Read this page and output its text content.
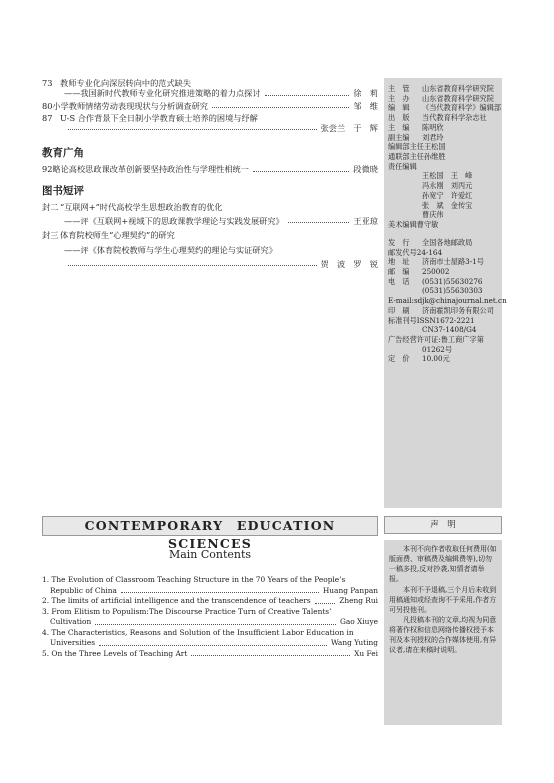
73 教师专业化向深层转向中的范式缺失
——我国新时代教师专业化研究推进策略的着力点探讨	徐　莉
80 小学教师情绪劳动表现现状与分析调查研究	邹　维
87 U-S 合作背景下全日制小学教育硕士培养的困境与纾解
张尝兰　于　辉
教育广角
92 略论高校思政课改革创新要坚持政治性与学理性相统一	段微晓
图书短评
封二 “互联网+”时代高校学生思想政治教育的优化
——评《互联网+视域下的思政课教学理论与实践发展研究》	王亚琼
封三 体育院校师生“心理契约”的研究
——评《体育院校教师与学生心理契约的理论与实证研究》
贺　波　罗　锐
主　管	山东省教育科学研究院
主　办	山东省教育科学研究院
编　辑	《当代教育科学》编辑部
出　版	当代教育科学杂志社
主　编	陈明欣
副主编	刘君玲
编辑部主任 王松国
通联部主任 孙维胜
责任编辑
王松国　王　峰
冯永刚　刘丙元
孙宽宁　许爱红
张　斌　金传宝
曹庆伟
美术编辑 曹守敏
发　行	全国各地邮政局
邮发代号 24-164
地　址	济南市士屋路3-1号
邮　编	250002
电　话	(0531)55630276
(0531)55630303
E-mail: sdjk@chinajournal.net.cn
印　刷	济南霍凯印务有限公司
标准刊号 ISSN1672-2221
CN37-1408/G4
广告经营许可证: 鲁工商广字第
01262号
定　价	10.00元
CONTEMPORARY　EDUCATION　SCIENCES
Main Contents
1. The Evolution of Classroom Teaching Structure in the 70 Years of the People’s
Republic of China	Huang Panpan
2. The limits of artificial intelligence and the transcendence of teachers	Zheng Rui
3. From Elitism to Populism:The Discourse Practice Turn of Creative Talents’
Cultivation	Gao Xiuye
4. The Characteristics, Reasons and Solution of the Insufficient Labor Education in
Universities	Wang Yuting
5. On the Three Levels of Teaching Art	Xu Fei
声　明

本刊不向作者收取任何费用(如版面费、审稿费及编辑费等),切勿一稿多投,反对抄袭,知情者请举报。

本刊不予退稿,三个月后未收到用稿通知或经查询不予采用,作者方可另投他刊。

凡投稿本刊的文章,均视为同意将著作权和信息网络传播权授予本刊及本刊授权的合作媒体使用,有异议者,请在来稿时说明。
